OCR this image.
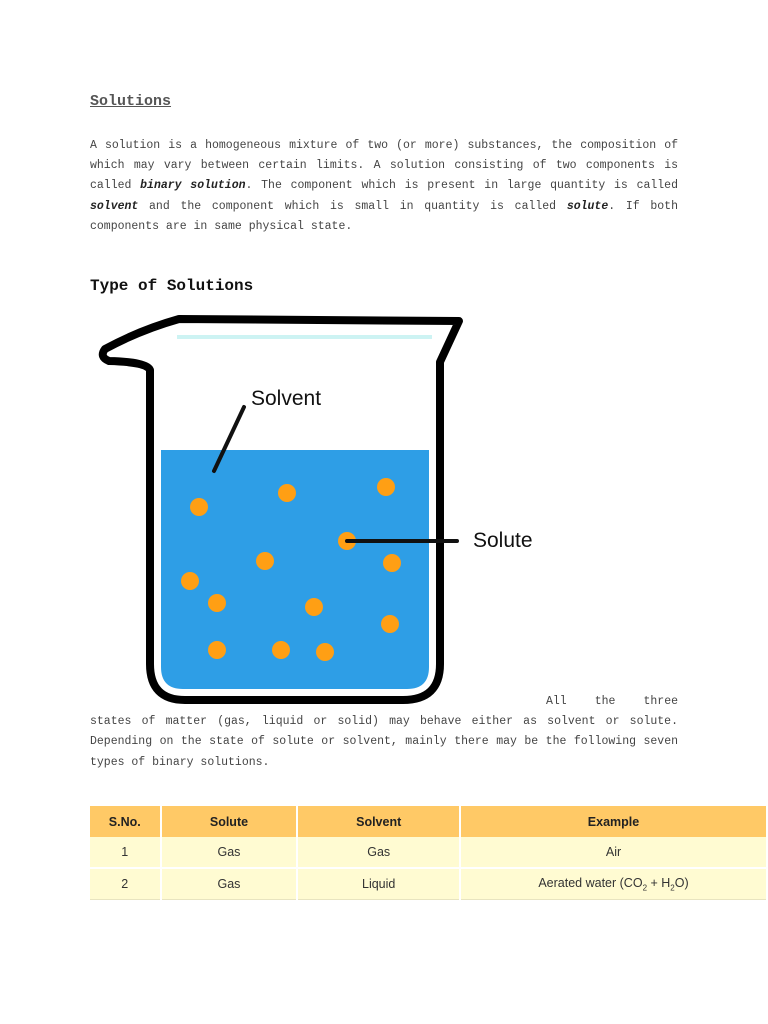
Solutions

A solution is a homogeneous mixture of two (or more) substances, the composition of which may vary between certain limits. A solution consisting of two components is called binary solution. The component which is present in large quantity is called solvent and the component which is small in quantity is called solute. If both components are in same physical state.

Type of Solutions
Solvent
Solute

All the three states of matter (gas, liquid or solid) may behave either as solvent or solute. Depending on the state of solute or solvent, mainly there may be the following seven types of binary solutions.

S.No.	Solute	Solvent	Example
1	Gas	Gas	Air
2	Gas	Liquid	Aerated water $(CO_2 + H_2O)$
